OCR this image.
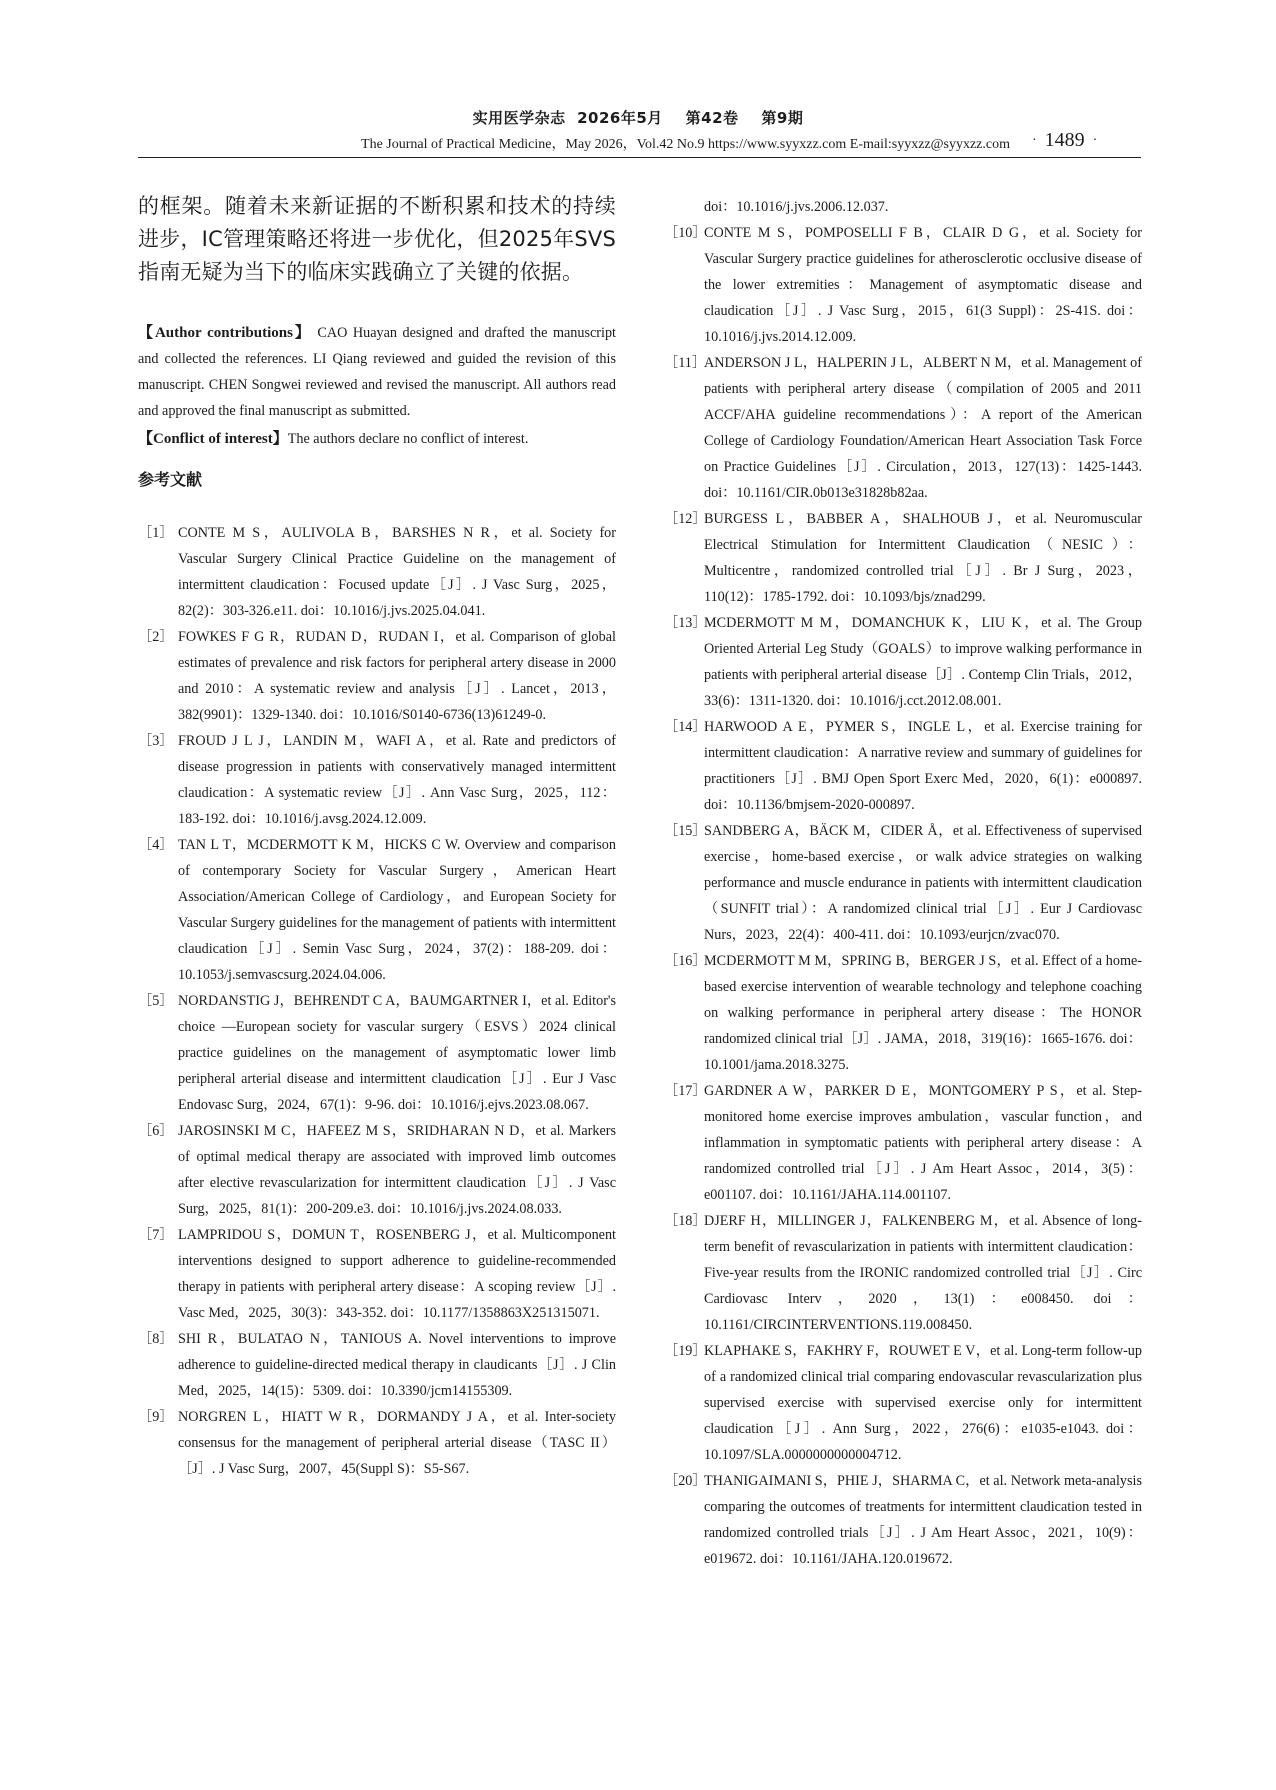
实用医学杂志  2026年5月    第42卷    第9期
The Journal of Practical Medicine，May 2026，Vol.42 No.9 https://www.syyxzz.com E-mail:syyxzz@syyxzz.com	· 1489 ·

的框架。随着未来新证据的不断积累和技术的持续进步，IC管理策略还将进一步优化，但2025年SVS指南无疑为当下的临床实践确立了关键的依据。

【Author contributions】 CAO Huayan designed and drafted the manuscript and collected the references. LI Qiang reviewed and guided the revision of this manuscript. CHEN Songwei reviewed and revised the manuscript. All authors read and approved the final manuscript as submitted.

【Conflict of interest】The authors declare no conflict of interest.

参考文献
［1］ CONTE M S，AULIVOLA B，BARSHES N R，et al. Society for Vascular Surgery Clinical Practice Guideline on the management of intermittent claudication：Focused update［J］. J Vasc Surg，2025，82(2)：303-326.e11. doi：10.1016/j.jvs.2025.04.041.
［2］ FOWKES F G R，RUDAN D，RUDAN I，et al. Comparison of global estimates of prevalence and risk factors for peripheral artery disease in 2000 and 2010：A systematic review and analysis［J］. Lancet，2013，382(9901)：1329-1340. doi：10.1016/S0140-6736(13)61249-0.
［3］ FROUD J L J，LANDIN M，WAFI A，et al. Rate and predictors of disease progression in patients with conservatively managed intermittent claudication：A systematic review［J］. Ann Vasc Surg，2025，112：183-192. doi：10.1016/j.avsg.2024.12.009.
［4］ TAN L T，MCDERMOTT K M，HICKS C W. Overview and comparison of contemporary Society for Vascular Surgery，American Heart Association/American College of Cardiology，and European Society for Vascular Surgery guidelines for the management of patients with intermittent claudication［J］. Semin Vasc Surg，2024，37(2)：188-209. doi：10.1053/j.semvascsurg.2024.04.006.
［5］ NORDANSTIG J，BEHRENDT C A，BAUMGARTNER I，et al. Editor's choice —European society for vascular surgery（ESVS）2024 clinical practice guidelines on the management of asymptomatic lower limb peripheral arterial disease and intermittent claudication［J］. Eur J Vasc Endovasc Surg，2024，67(1)：9-96. doi：10.1016/j.ejvs.2023.08.067.
［6］ JAROSINSKI M C，HAFEEZ M S，SRIDHARAN N D，et al. Markers of optimal medical therapy are associated with improved limb outcomes after elective revascularization for intermittent claudication［J］. J Vasc Surg，2025，81(1)：200-209.e3. doi：10.1016/j.jvs.2024.08.033.
［7］ LAMPRIDOU S，DOMUN T，ROSENBERG J，et al. Multicomponent interventions designed to support adherence to guideline-recommended therapy in patients with peripheral artery disease：A scoping review［J］. Vasc Med，2025，30(3)：343-352. doi：10.1177/1358863X251315071.
［8］ SHI R，BULATAO N，TANIOUS A. Novel interventions to improve adherence to guideline-directed medical therapy in claudicants［J］. J Clin Med，2025，14(15)：5309. doi：10.3390/jcm14155309.
［9］ NORGREN L，HIATT W R，DORMANDY J A，et al. Inter-society consensus for the management of peripheral arterial disease（TASC II）［J］. J Vasc Surg，2007，45(Suppl S)：S5-S67.

doi：10.1016/j.jvs.2006.12.037.

［10］
CONTE M S，POMPOSELLI F B，CLAIR D G，et al. Society for Vascular Surgery practice guidelines for atherosclerotic occlusive disease of the lower extremities：Management of asymptomatic disease and claudication［J］. J Vasc Surg，2015，61(3 Suppl)：2S-41S. doi：10.1016/j.jvs.2014.12.009.
［11］
ANDERSON J L，HALPERIN J L，ALBERT N M，et al. Management of patients with peripheral artery disease（compilation of 2005 and 2011 ACCF/AHA guideline recommendations）：A report of the American College of Cardiology Foundation/American Heart Association Task Force on Practice Guidelines［J］. Circulation，2013，127(13)：1425-1443. doi：10.1161/CIR.0b013e31828b82aa.
［12］
BURGESS L，BABBER A，SHALHOUB J，et al. Neuromuscular Electrical Stimulation for Intermittent Claudication（NESIC）：Multicentre，randomized controlled trial［J］. Br J Surg，2023，110(12)：1785-1792. doi：10.1093/bjs/znad299.
［13］
MCDERMOTT M M，DOMANCHUK K，LIU K，et al. The Group Oriented Arterial Leg Study（GOALS）to improve walking performance in patients with peripheral arterial disease［J］. Contemp Clin Trials，2012，33(6)：1311-1320. doi：10.1016/j.cct.2012.08.001.
［14］
HARWOOD A E，PYMER S，INGLE L，et al. Exercise training for intermittent claudication：A narrative review and summary of guidelines for practitioners［J］. BMJ Open Sport Exerc Med，2020，6(1)：e000897. doi：10.1136/bmjsem-2020-000897.
［15］
SANDBERG A，BÄCK M，CIDER Å，et al. Effectiveness of supervised exercise，home-based exercise，or walk advice strategies on walking performance and muscle endurance in patients with intermittent claudication（SUNFIT trial）：A randomized clinical trial［J］. Eur J Cardiovasc Nurs，2023，22(4)：400-411. doi：10.1093/eurjcn/zvac070.
［16］
MCDERMOTT M M，SPRING B，BERGER J S，et al. Effect of a home-based exercise intervention of wearable technology and telephone coaching on walking performance in peripheral artery disease：The HONOR randomized clinical trial［J］. JAMA，2018，319(16)：1665-1676. doi：10.1001/jama.2018.3275.
［17］
GARDNER A W，PARKER D E，MONTGOMERY P S，et al. Step-monitored home exercise improves ambulation，vascular function，and inflammation in symptomatic patients with peripheral artery disease：A randomized controlled trial［J］. J Am Heart Assoc，2014，3(5)：e001107. doi：10.1161/JAHA.114.001107.
［18］
DJERF H，MILLINGER J，FALKENBERG M，et al. Absence of long-term benefit of revascularization in patients with intermittent claudication：Five-year results from the IRONIC randomized controlled trial［J］. Circ Cardiovasc Interv，2020，13(1)：e008450. doi：10.1161/CIRCINTERVENTIONS.119.008450.
［19］
KLAPHAKE S，FAKHRY F，ROUWET E V，et al. Long-term follow-up of a randomized clinical trial comparing endovascular revascularization plus supervised exercise with supervised exercise only for intermittent claudication［J］. Ann Surg，2022，276(6)：e1035-e1043. doi：10.1097/SLA.0000000000004712.
［20］
THANIGAIMANI S，PHIE J，SHARMA C，et al. Network meta-analysis comparing the outcomes of treatments for intermittent claudication tested in randomized controlled trials［J］. J Am Heart Assoc，2021，10(9)：e019672. doi：10.1161/JAHA.120.019672.
